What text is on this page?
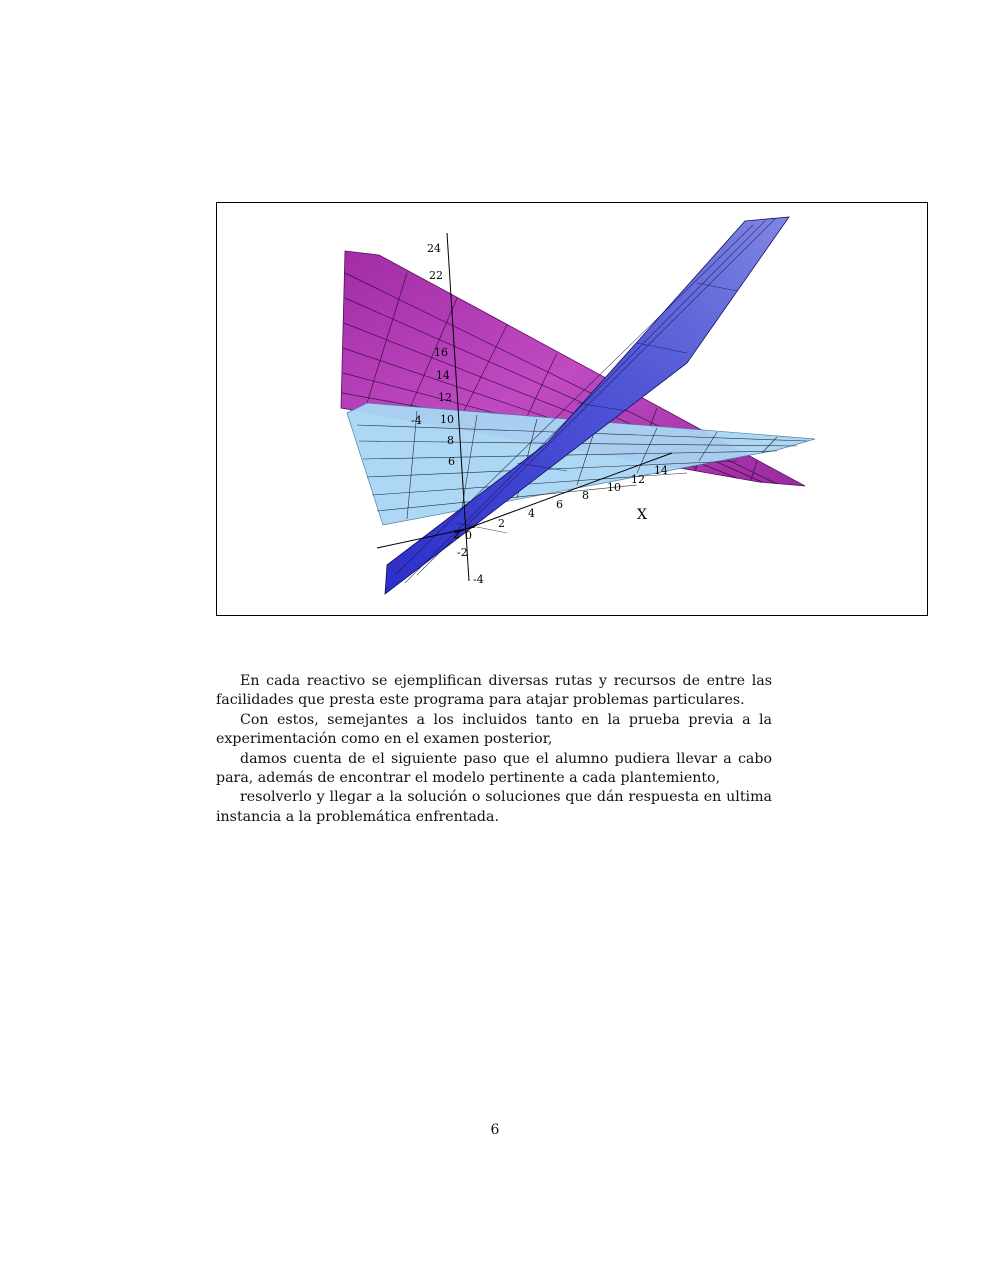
24
22
16
14
12
10
8
6
2
4
6
8
10
12
14
X
-4
-2
0
2
-4

En cada reactivo se ejemplifican diversas rutas y recursos de entre las facilidades que presta este programa para atajar problemas particulares.

Con estos, semejantes a los incluidos tanto en la prueba previa a la experimentación como en el examen posterior,

damos cuenta de el siguiente paso que el alumno pudiera llevar a cabo para, además de encontrar el modelo pertinente a cada plantemiento,

resolverlo y llegar a la solución o soluciones que dán respuesta en ultima instancia a la problemática enfrentada.

6
